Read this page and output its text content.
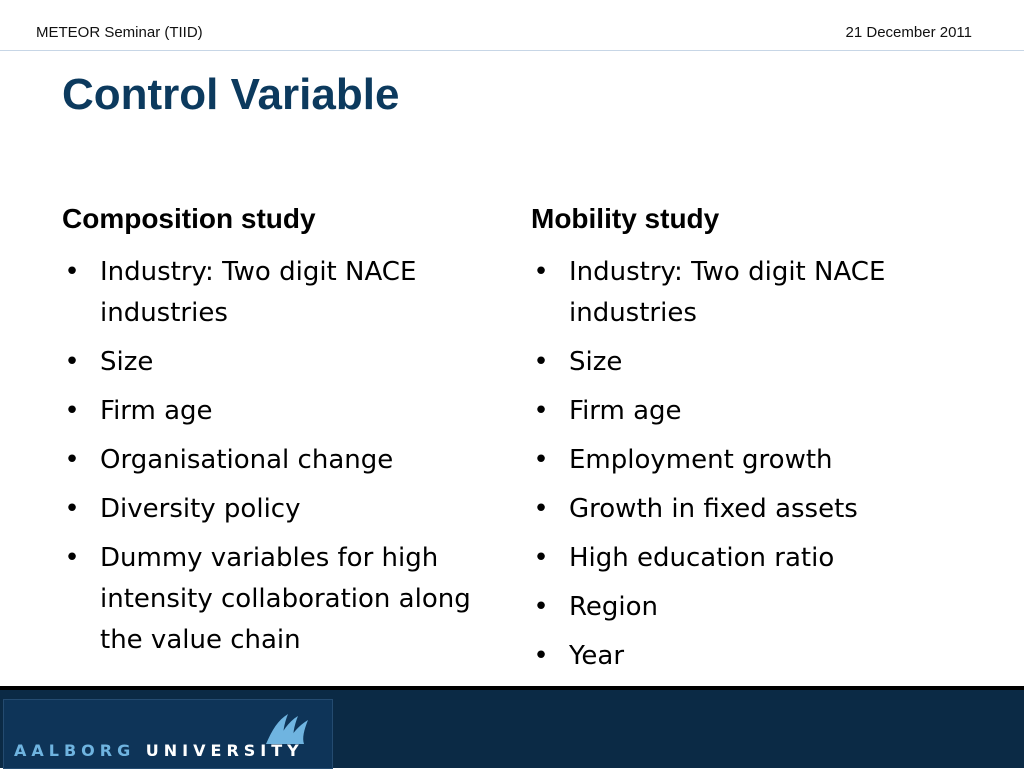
METEOR Seminar (TIID)	21 December 2011
Control Variable
Composition study
• Industry: Two digit NACE industries
• Size
• Firm age
• Organisational change
• Diversity policy
• Dummy variables for high intensity collaboration along the value chain
Mobility study
• Industry: Two digit NACE industries
• Size
• Firm age
• Employment growth
• Growth in fixed assets
• High education ratio
• Region
• Year
AALBORG UNIVERSITY
